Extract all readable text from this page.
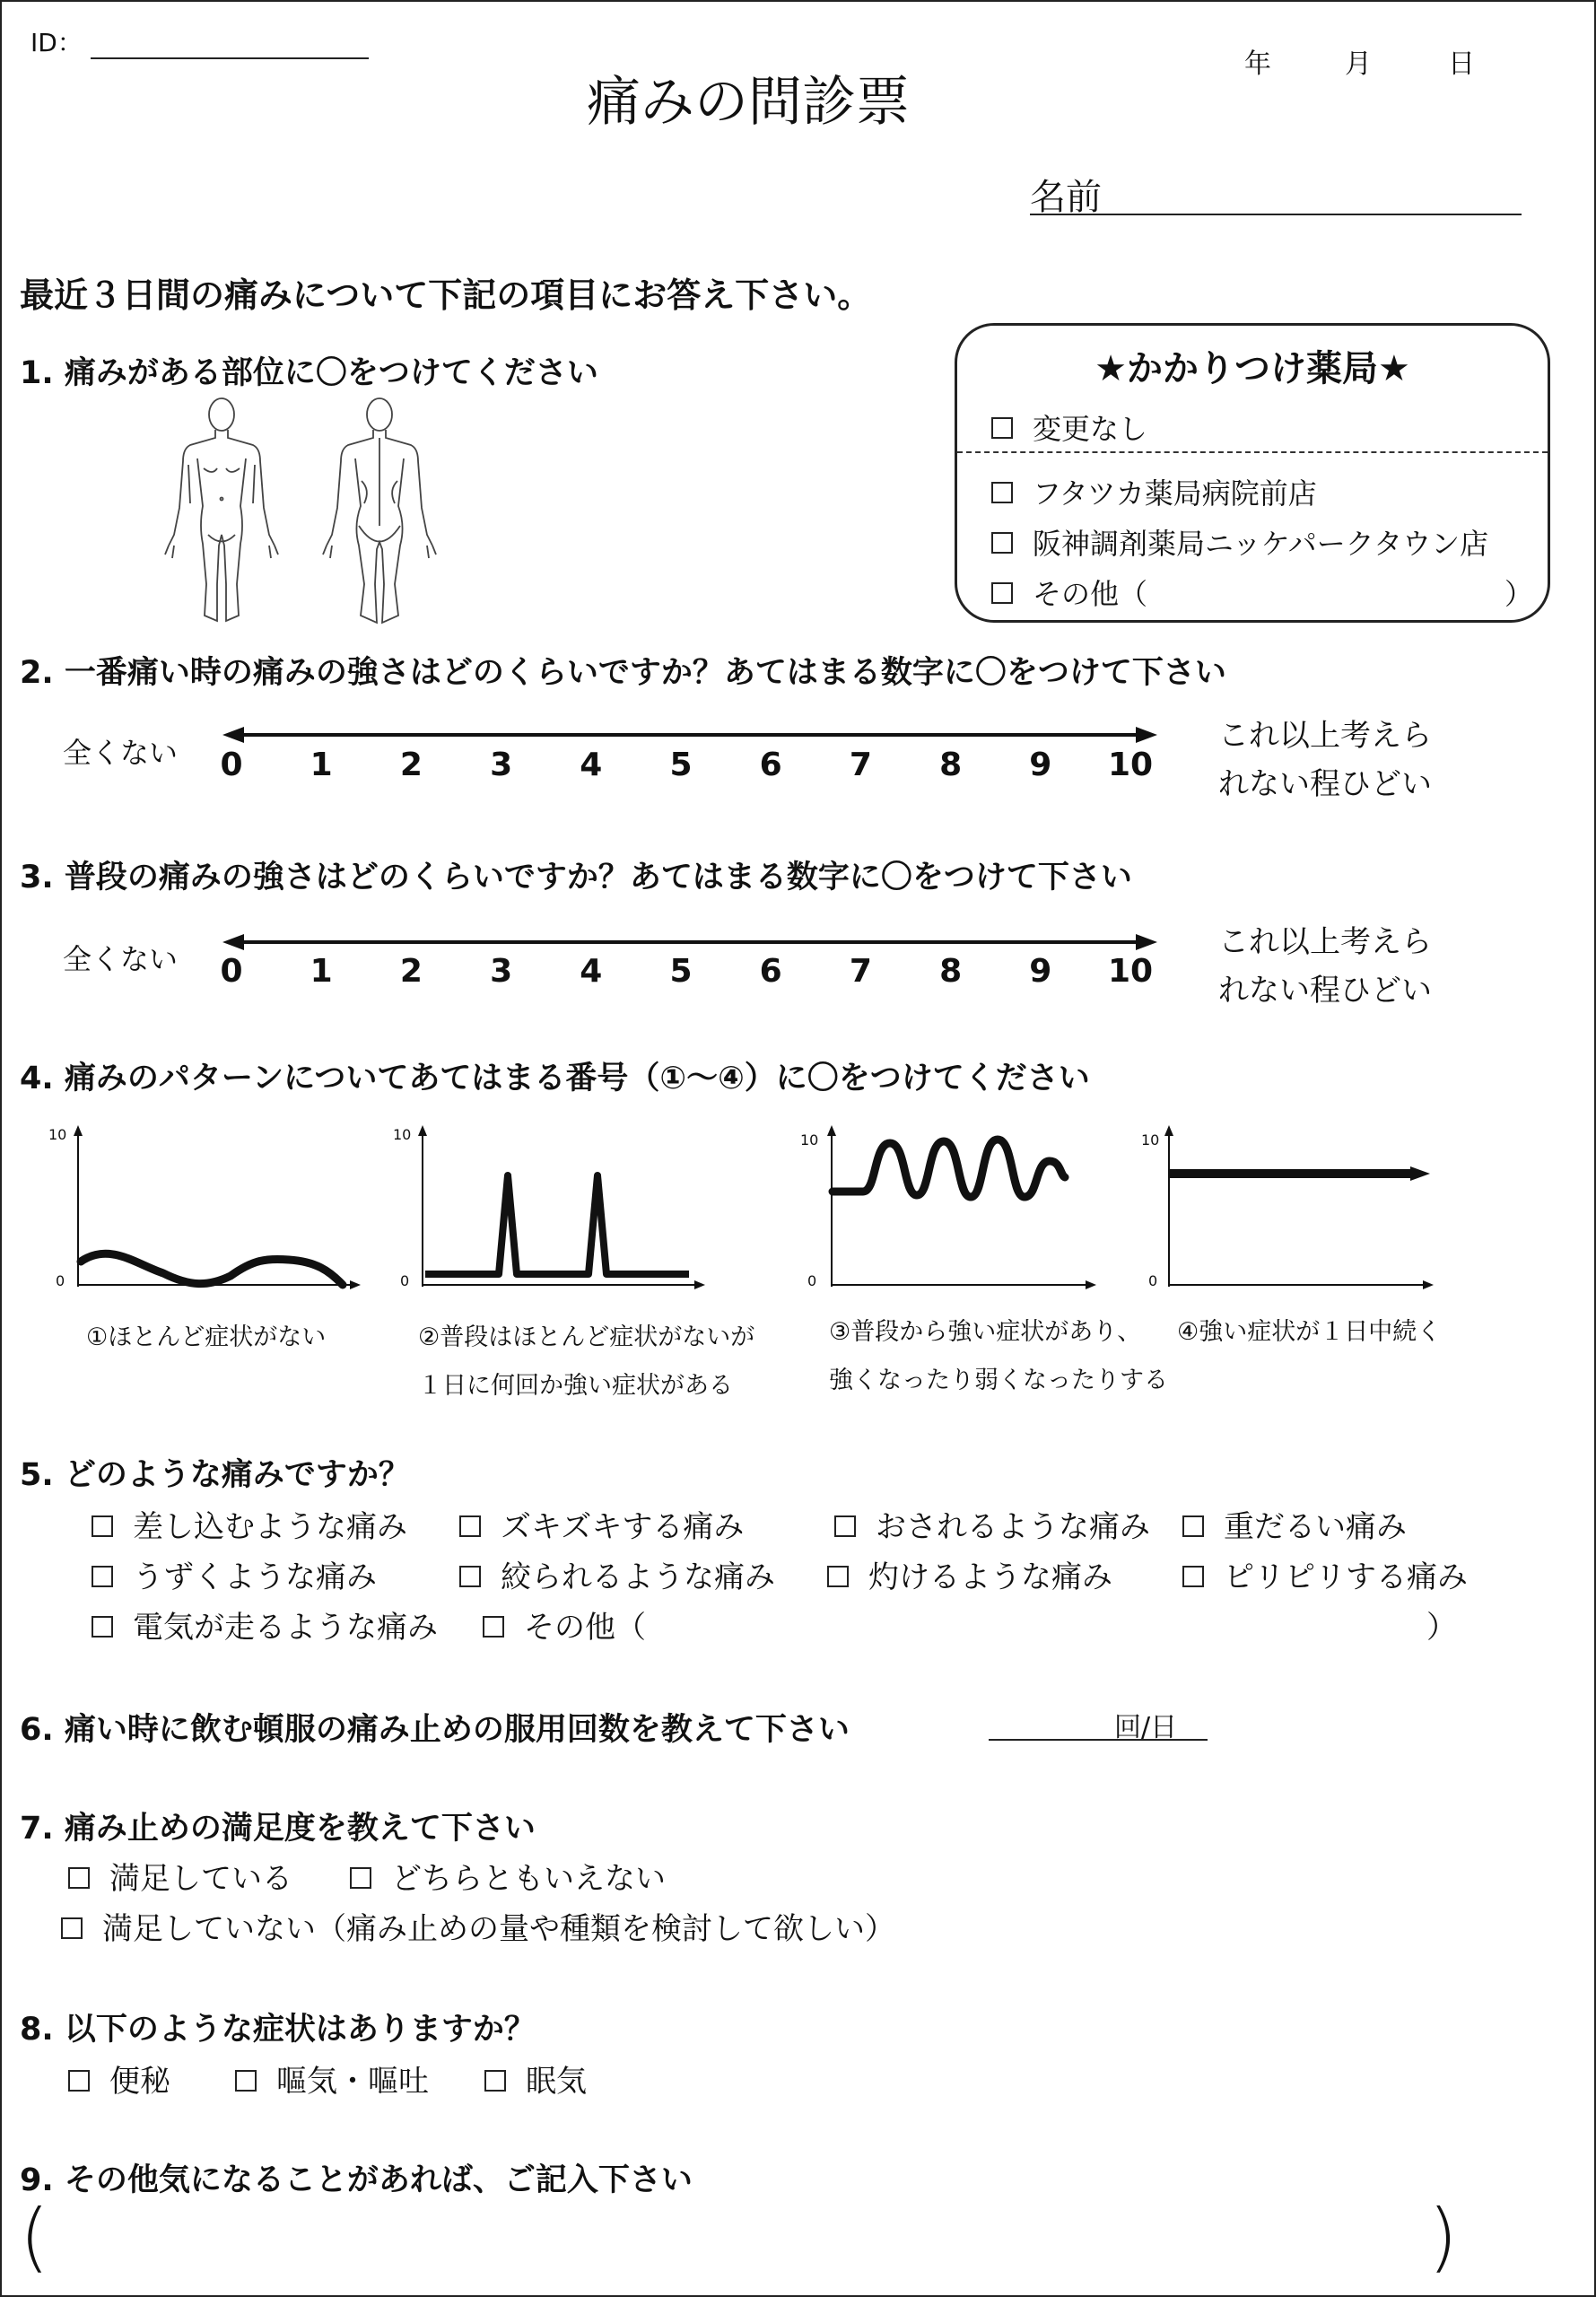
ID：
年	月	日
痛みの問診票
名前
最近３日間の痛みについて下記の項目にお答え下さい。
1. 痛みがある部位に〇をつけてください	★かかりつけ薬局★
変更なし
フタツカ薬局病院前店
阪神調剤薬局ニッケパークタウン店
その他（	）
2. 一番痛い時の痛みの強さはどのくらいですか？あてはまる数字に〇をつけて下さい
全くない	これ以上考えら
れない程ひどい
3. 普段の痛みの強さはどのくらいですか？あてはまる数字に〇をつけて下さい
全くない	これ以上考えら
れない程ひどい
4. 痛みのパターンについてあてはまる番号（①～④）に〇をつけてください
10
0
①ほとんど症状がない
10
0
②普段はほとんど症状がないが
１日に何回か強い症状がある
10
0
③普段から強い症状があり、
強くなったり弱くなったりする
10
0
④強い症状が１日中続く
5. どのような痛みですか？
差し込むような痛み	ズキズキする痛み	おされるような痛み	重だるい痛み
うずくような痛み	絞られるような痛み	灼けるような痛み	ピリピリする痛み
電気が走るような痛み	その他（	）
6. 痛い時に飲む頓服の痛み止めの服用回数を教えて下さい	回/日
7. 痛み止めの満足度を教えて下さい
満足している	どちらともいえない
満足していない（痛み止めの量や種類を検討して欲しい）
8. 以下のような症状はありますか？
便秘	嘔気・嘔吐	眠気
9. その他気になることがあれば、ご記入下さい
(	)
0	1	2	3	4	5	6	7	8	9	10
0	1	2	3	4	5	6	7	8	9	10
